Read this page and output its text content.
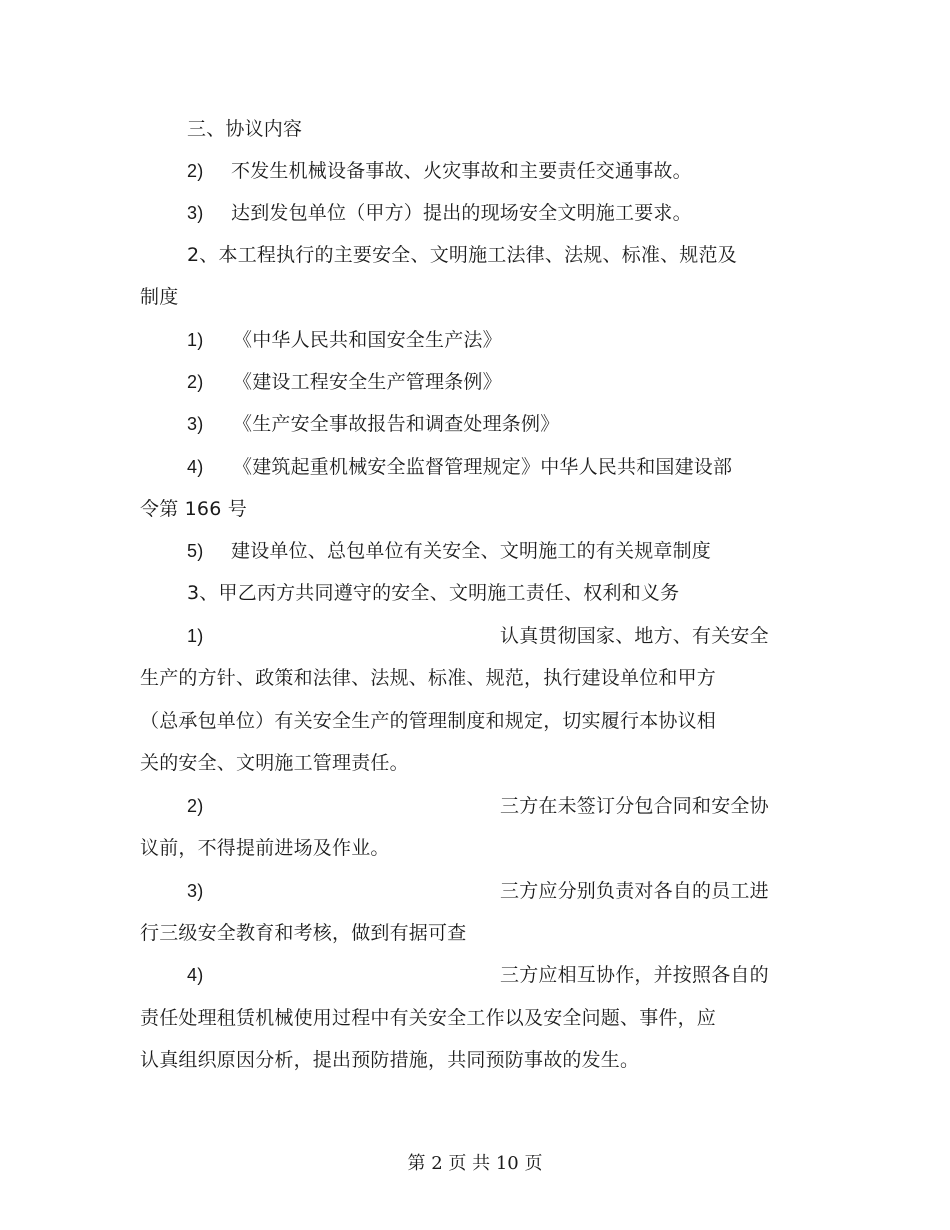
三、协议内容
2) 不发生机械设备事故、火灾事故和主要责任交通事故。
3) 达到发包单位（甲方）提出的现场安全文明施工要求。
2、本工程执行的主要安全、文明施工法律、法规、标准、规范及
制度
1) 《中华人民共和国安全生产法》
2) 《建设工程安全生产管理条例》
3) 《生产安全事故报告和调查处理条例》
4) 《建筑起重机械安全监督管理规定》中华人民共和国建设部
令第 166 号
5) 建设单位、总包单位有关安全、文明施工的有关规章制度
3、甲乙丙方共同遵守的安全、文明施工责任、权利和义务
1)	认真贯彻国家、地方、有关安全
生产的方针、政策和法律、法规、标准、规范，执行建设单位和甲方
（总承包单位）有关安全生产的管理制度和规定，切实履行本协议相
关的安全、文明施工管理责任。
2)	三方在未签订分包合同和安全协
议前，不得提前进场及作业。
3)	三方应分别负责对各自的员工进
行三级安全教育和考核，做到有据可查
4)	三方应相互协作，并按照各自的
责任处理租赁机械使用过程中有关安全工作以及安全问题、事件，应
认真组织原因分析，提出预防措施，共同预防事故的发生。
第 2 页 共 10 页
